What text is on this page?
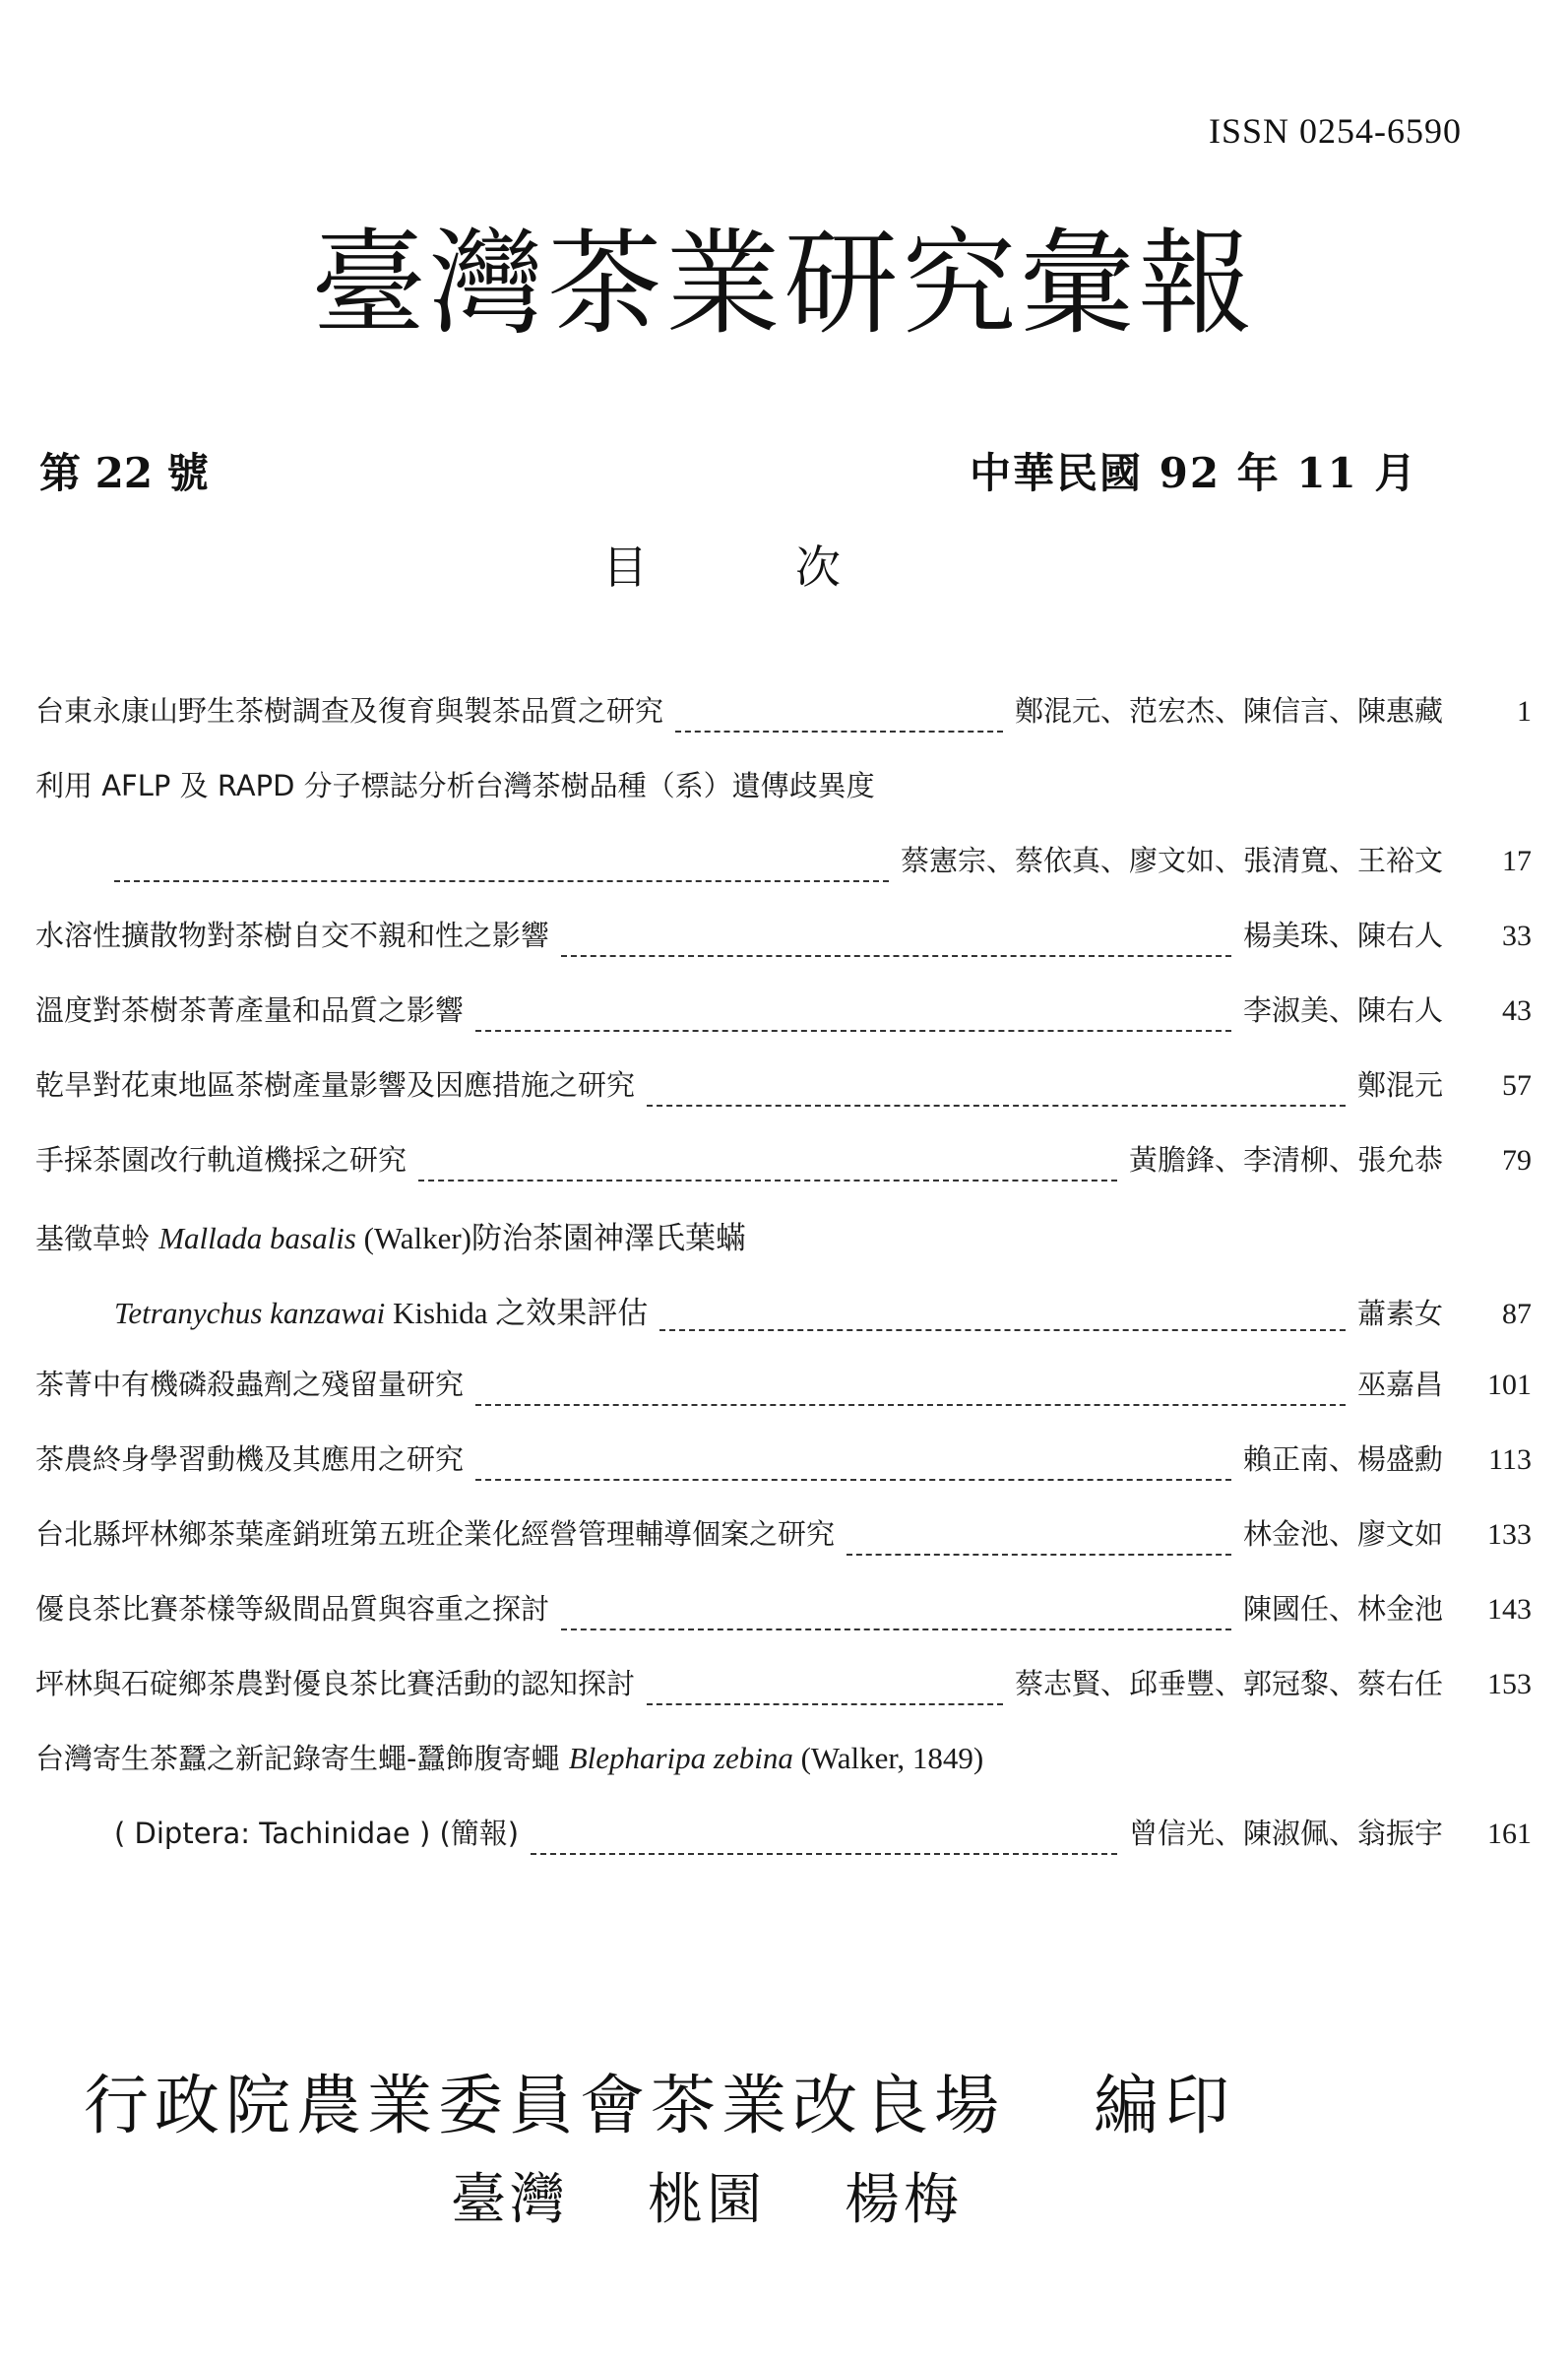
ISSN 0254-6590
臺灣茶業研究彙報
第 22 號	中華民國 92 年 11 月
目	次
台東永康山野生茶樹調查及復育與製茶品質之研究	鄭混元、范宏杰、陳信言、陳惠藏	1
利用 AFLP 及 RAPD 分子標誌分析台灣茶樹品種（系）遺傳歧異度
蔡憲宗、蔡依真、廖文如、張清寬、王裕文	17
水溶性擴散物對茶樹自交不親和性之影響	楊美珠、陳右人	33
溫度對茶樹茶菁產量和品質之影響	李淑美、陳右人	43
乾旱對花東地區茶樹產量影響及因應措施之研究	鄭混元	57
手採茶園改行軌道機採之研究	黃膽鋒、李清柳、張允恭	79
基徵草蛉 Mallada basalis (Walker)防治茶園神澤氏葉蟎
Tetranychus kanzawai Kishida 之效果評估	蕭素女	87
茶菁中有機磷殺蟲劑之殘留量研究	巫嘉昌	101
茶農終身學習動機及其應用之研究	賴正南、楊盛勳	113
台北縣坪林鄉茶葉產銷班第五班企業化經營管理輔導個案之研究	林金池、廖文如	133
優良茶比賽茶樣等級間品質與容重之探討	陳國任、林金池	143
坪林與石碇鄉茶農對優良茶比賽活動的認知探討	蔡志賢、邱垂豐、郭冠黎、蔡右任	153
台灣寄生茶蠶之新記錄寄生蠅-蠶飾腹寄蠅 Blepharipa zebina (Walker, 1849)
( Diptera: Tachinidae ) (簡報)	曾信光、陳淑佩、翁振宇	161
行政院農業委員會茶業改良場 編印
臺灣 桃園 楊梅
